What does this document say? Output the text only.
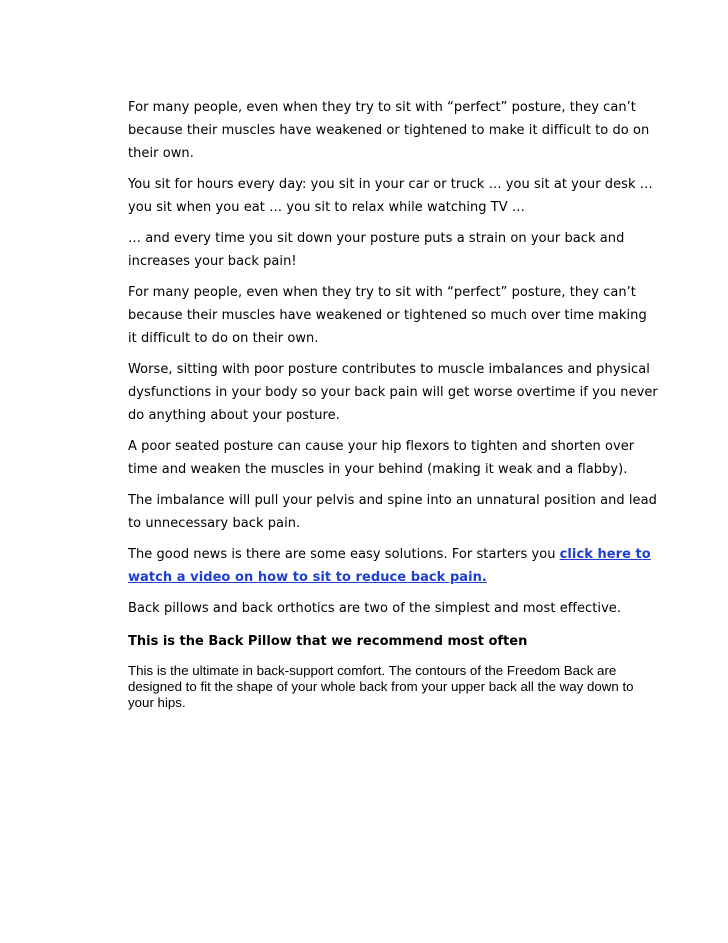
For many people, even when they try to sit with “perfect” posture, they can’t because their muscles have weakened or tightened to make it difficult to do on their own.

You sit for hours every day: you sit in your car or truck … you sit at your desk … you sit when you eat … you sit to relax while watching TV …

… and every time you sit down your posture puts a strain on your back and increases your back pain!

For many people, even when they try to sit with “perfect” posture, they can’t because their muscles have weakened or tightened so much over time making it difficult to do on their own.

Worse, sitting with poor posture contributes to muscle imbalances and physical dysfunctions in your body so your back pain will get worse overtime if you never do anything about your posture.

A poor seated posture can cause your hip flexors to tighten and shorten over time and weaken the muscles in your behind (making it weak and a flabby).

The imbalance will pull your pelvis and spine into an unnatural position and lead to unnecessary back pain.

The good news is there are some easy solutions. For starters you click here to watch a video on how to sit to reduce back pain.

Back pillows and back orthotics are two of the simplest and most effective.

This is the Back Pillow that we recommend most often

This is the ultimate in back-support comfort. The contours of the Freedom Back are designed to fit the shape of your whole back from your upper back all the way down to your hips.
